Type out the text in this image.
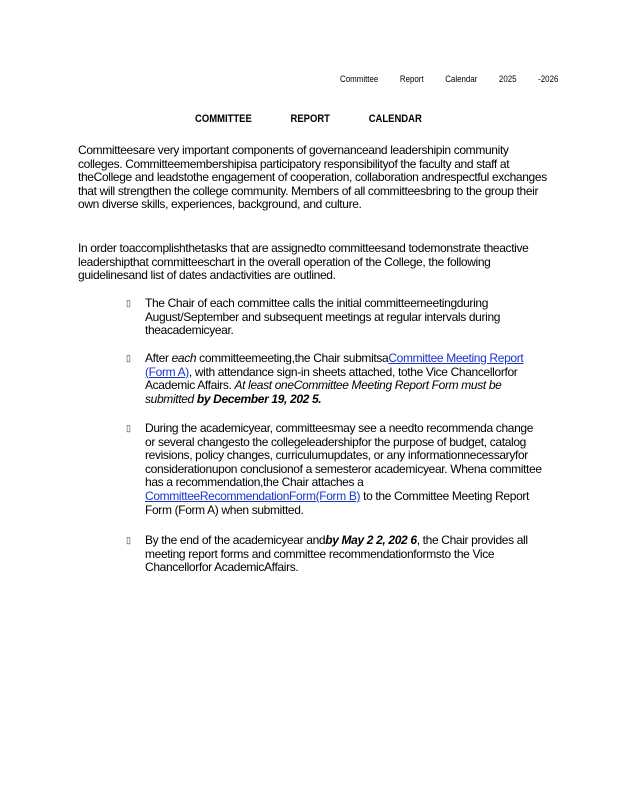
Committee Report Calendar 2025 -2026
COMMITTEE	REPORT	CALENDAR

Committeesare very important components of governanceand leadershipin community colleges. Committeemembershipisa participatory responsibilityof the faculty and staff at theCollege and leadstothe engagement of cooperation, collaboration andrespectful exchanges that will strengthen the college community. Members of all committeesbring to the group their own diverse skills, experiences, background, and culture.

In order toaccomplishthetasks that are assignedto committeesand todemonstrate theactive leadershipthat committeeschart in the overall operation of the College, the following guidelinesand list of dates andactivities are outlined.

▯ The Chair of each committee calls the initial committeemeetingduring August/September and subsequent meetings at regular intervals during theacademicyear.
▯ After each committeemeeting,the Chair submitsaCommittee Meeting Report (Form A), with attendance sign-in sheets attached, tothe Vice Chancellorfor Academic Affairs. At least oneCommittee Meeting Report Form must be submitted by December 19, 202 5.
▯ During the academicyear, committeesmay see a needto recommenda change or several changesto the collegeleadershipfor the purpose of budget, catalog revisions, policy changes, curriculumupdates, or any informationnecessaryfor considerationupon conclusionof a semesteror academicyear. Whena committee has a recommendation,the Chair attaches a CommitteeRecommendationForm(Form B) to the Committee Meeting Report Form (Form A) when submitted.
▯ By the end of the academicyear andby May 2 2, 202 6, the Chair provides all meeting report forms and committee recommendationformsto the Vice Chancellorfor AcademicAffairs.
